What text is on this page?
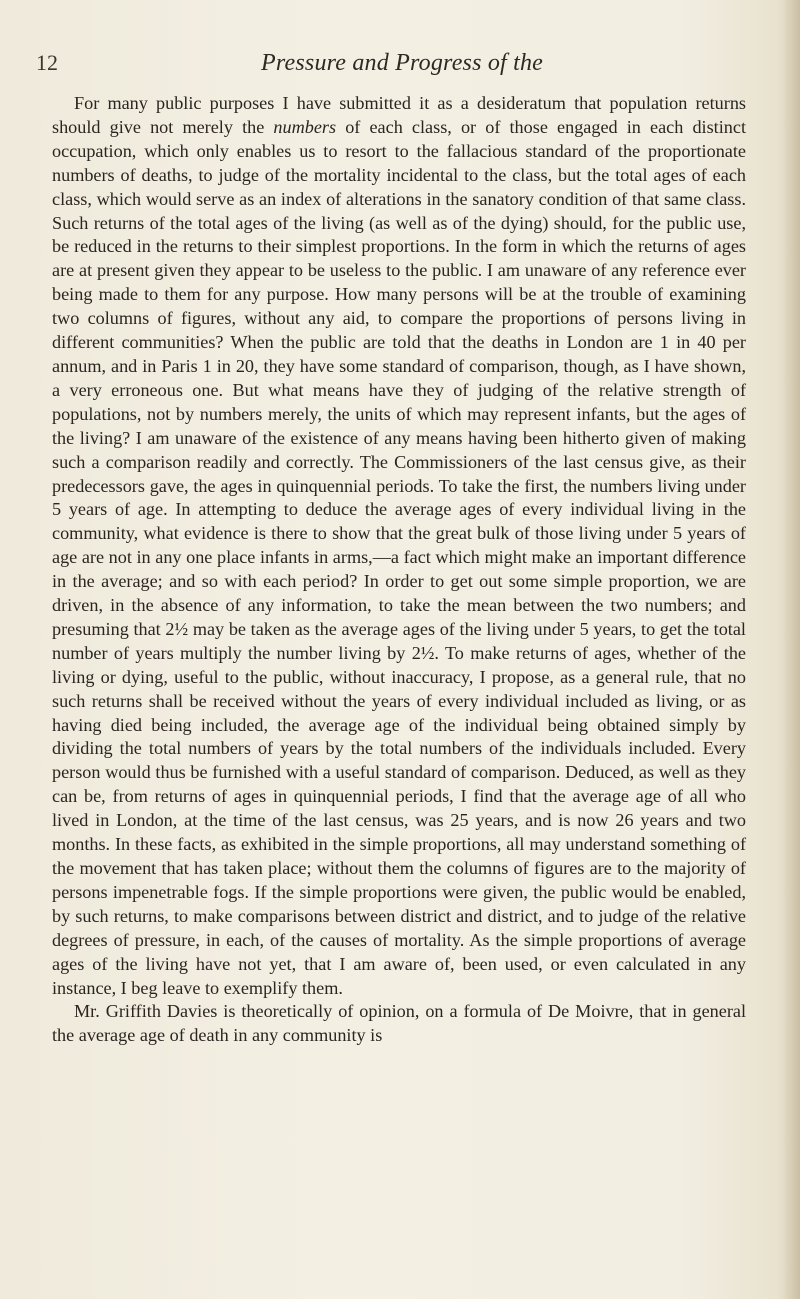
12	Pressure and Progress of the

For many public purposes I have submitted it as a desideratum that population returns should give not merely the numbers of each class, or of those engaged in each distinct occupation, which only enables us to resort to the fallacious standard of the proportionate numbers of deaths, to judge of the mortality incidental to the class, but the total ages of each class, which would serve as an index of alterations in the sanatory condition of that same class. Such returns of the total ages of the living (as well as of the dying) should, for the public use, be reduced in the returns to their simplest proportions. In the form in which the returns of ages are at present given they appear to be useless to the public. I am unaware of any reference ever being made to them for any purpose. How many persons will be at the trouble of examining two columns of figures, without any aid, to compare the proportions of persons living in different communities? When the public are told that the deaths in London are 1 in 40 per annum, and in Paris 1 in 20, they have some standard of comparison, though, as I have shown, a very erroneous one. But what means have they of judging of the relative strength of populations, not by numbers merely, the units of which may represent infants, but the ages of the living? I am unaware of the existence of any means having been hitherto given of making such a comparison readily and correctly. The Commissioners of the last census give, as their predecessors gave, the ages in quinquennial periods. To take the first, the numbers living under 5 years of age. In attempting to deduce the average ages of every individual living in the community, what evidence is there to show that the great bulk of those living under 5 years of age are not in any one place infants in arms,—a fact which might make an important difference in the average; and so with each period? In order to get out some simple proportion, we are driven, in the absence of any information, to take the mean between the two numbers; and presuming that 2½ may be taken as the average ages of the living under 5 years, to get the total number of years multiply the number living by 2½. To make returns of ages, whether of the living or dying, useful to the public, without inaccuracy, I propose, as a general rule, that no such returns shall be received without the years of every individual included as living, or as having died being included, the average age of the individual being obtained simply by dividing the total numbers of years by the total numbers of the individuals included. Every person would thus be furnished with a useful standard of comparison. Deduced, as well as they can be, from returns of ages in quinquennial periods, I find that the average age of all who lived in London, at the time of the last census, was 25 years, and is now 26 years and two months. In these facts, as exhibited in the simple proportions, all may understand something of the movement that has taken place; without them the columns of figures are to the majority of persons impenetrable fogs. If the simple proportions were given, the public would be enabled, by such returns, to make comparisons between district and district, and to judge of the relative degrees of pressure, in each, of the causes of mortality. As the simple proportions of average ages of the living have not yet, that I am aware of, been used, or even calculated in any instance, I beg leave to exemplify them.

Mr. Griffith Davies is theoretically of opinion, on a formula of De Moivre, that in general the average age of death in any community is
